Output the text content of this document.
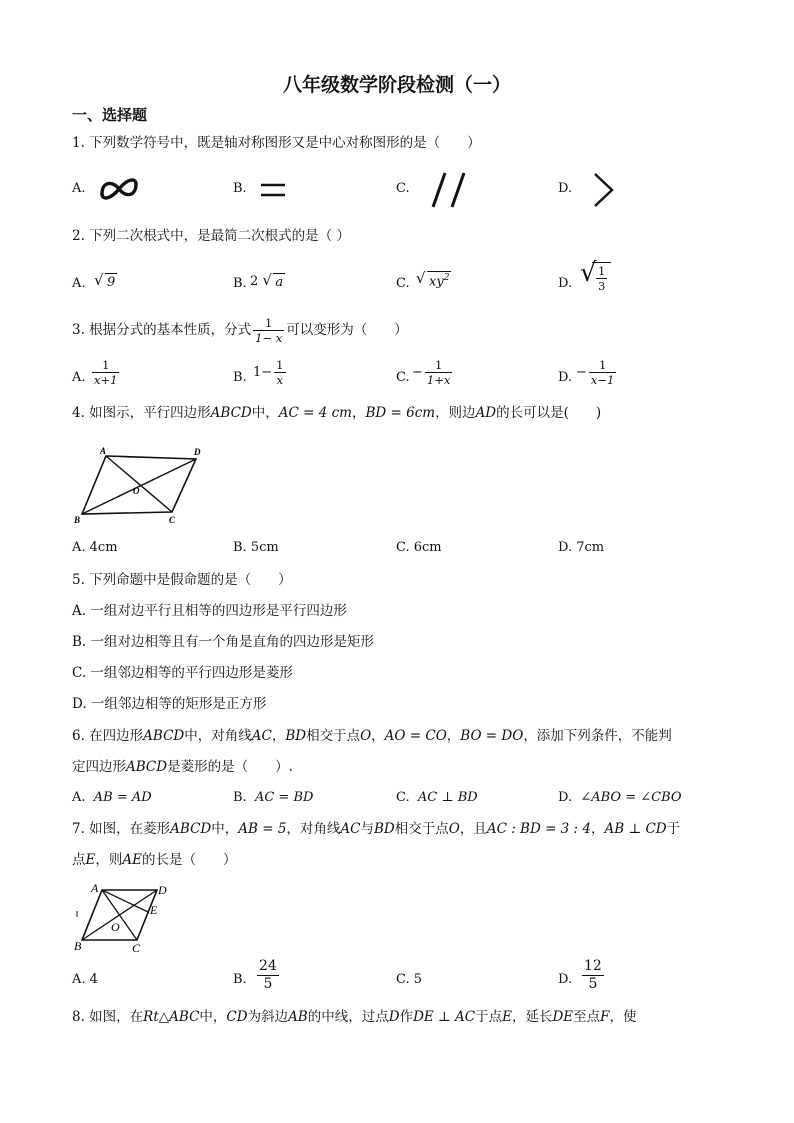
八年级数学阶段检测（一）
一、选择题
1. 下列数学符号中，既是轴对称图形又是中心对称图形的是（　　）
A.	B.	C.	D.
2. 下列二次根式中，是最简二次根式的是（ ）
A. √ 9	B. 2 √ a	C. √ $xy^2$	D. √ $\frac{1}{3}$
3. 根据分式的基本性质，分式 $\frac{1}{1- x}$ 可以变形为（　　）
A. $\frac{1}{x+1}$	B. $1- \frac{1}{x}$	C. − $\frac{1}{1+x}$	D. − $\frac{1}{x-1}$
4. 如图示，平行四边形ABCD中，AC = 4 cm，BD = 6cm，则边AD的长可以是(　　)
A	D
B	C
O
A. 4cm	B. 5cm	C. 6cm	D. 7cm
5. 下列命题中是假命题的是（　　）
A. 一组对边平行且相等的四边形是平行四边形
B. 一组对边相等且有一个角是直角的四边形是矩形
C. 一组邻边相等的平行四边形是菱形
D. 一组邻边相等的矩形是正方形
6. 在四边形ABCD中，对角线AC，BD相交于点O，AO = CO，BO = DO，添加下列条件，不能判
定四边形ABCD是菱形的是（　　）.
A. AB = AD	B. AC = BD	C. AC ⊥ BD	D. ∠ABO = ∠CBO
7. 如图，在菱形ABCD中，AB = 5，对角线AC与BD相交于点O，且AC : BD = 3 : 4，AB ⊥ CD于
点E，则AE的长是（　　）
A	D
E
O
B	C
A. 4	B. $\frac{24}{5}$	C. 5	D. $\frac{12}{5}$
8. 如图，在Rt△ABC中，CD为斜边AB的中线，过点D作DE ⊥ AC于点E，延长DE至点F，使
